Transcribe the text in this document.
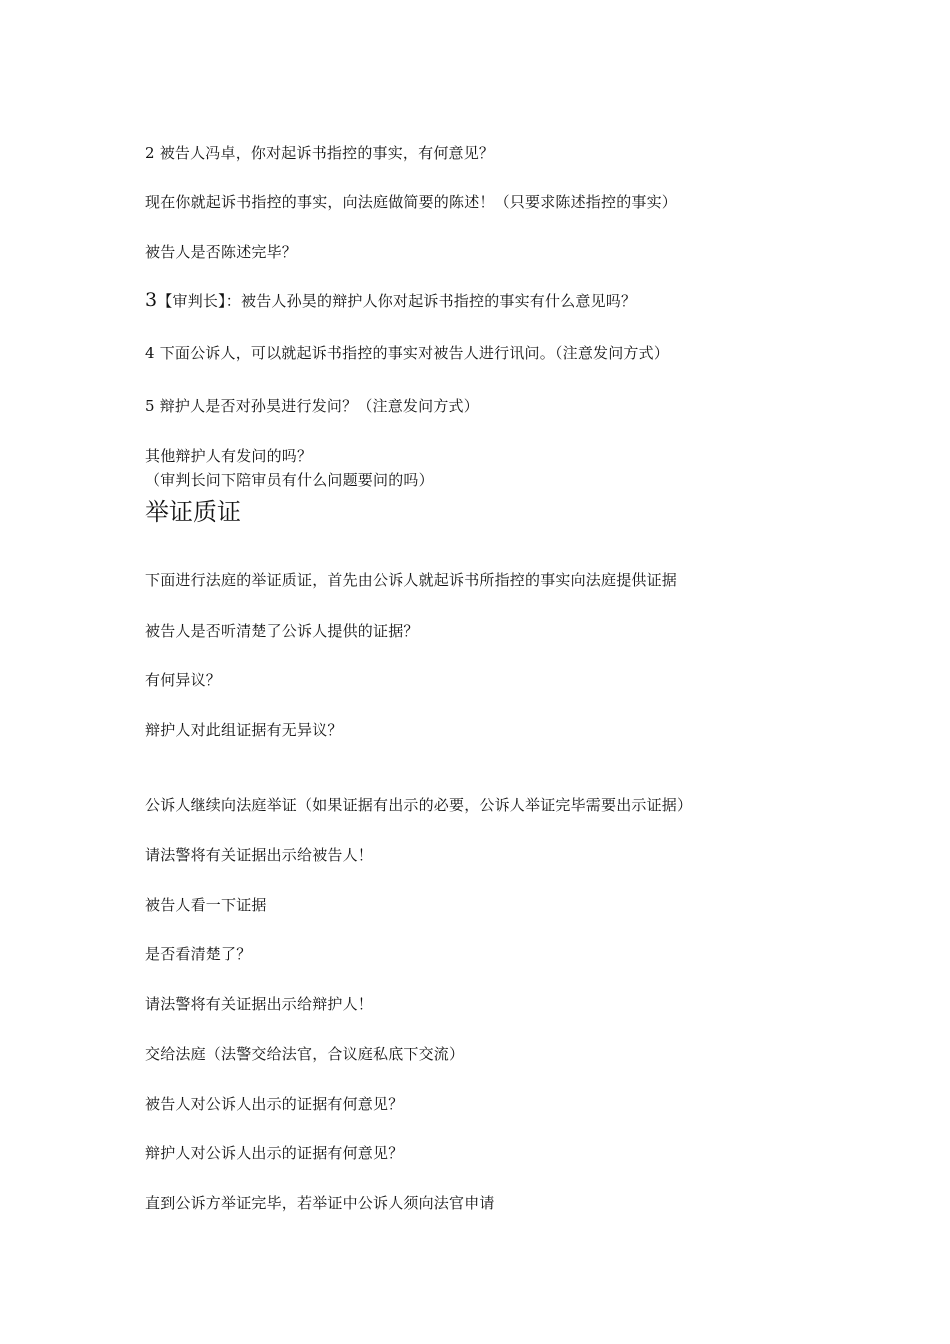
2 被告人冯卓，你对起诉书指控的事实，有何意见？
现在你就起诉书指控的事实，向法庭做简要的陈述！（只要求陈述指控的事实）
被告人是否陈述完毕？
3【审判长】：被告人孙昊的辩护人你对起诉书指控的事实有什么意见吗？
4 下面公诉人，可以就起诉书指控的事实对被告人进行讯问。（注意发问方式）
5 辩护人是否对孙昊进行发问？（注意发问方式）
其他辩护人有发问的吗？
（审判长问下陪审员有什么问题要问的吗）
举证质证
下面进行法庭的举证质证，首先由公诉人就起诉书所指控的事实向法庭提供证据
被告人是否听清楚了公诉人提供的证据？
有何异议？
辩护人对此组证据有无异议？
公诉人继续向法庭举证（如果证据有出示的必要，公诉人举证完毕需要出示证据）
请法警将有关证据出示给被告人！
被告人看一下证据
是否看清楚了？
请法警将有关证据出示给辩护人！
交给法庭（法警交给法官，合议庭私底下交流）
被告人对公诉人出示的证据有何意见？
辩护人对公诉人出示的证据有何意见？
直到公诉方举证完毕，若举证中公诉人须向法官申请
